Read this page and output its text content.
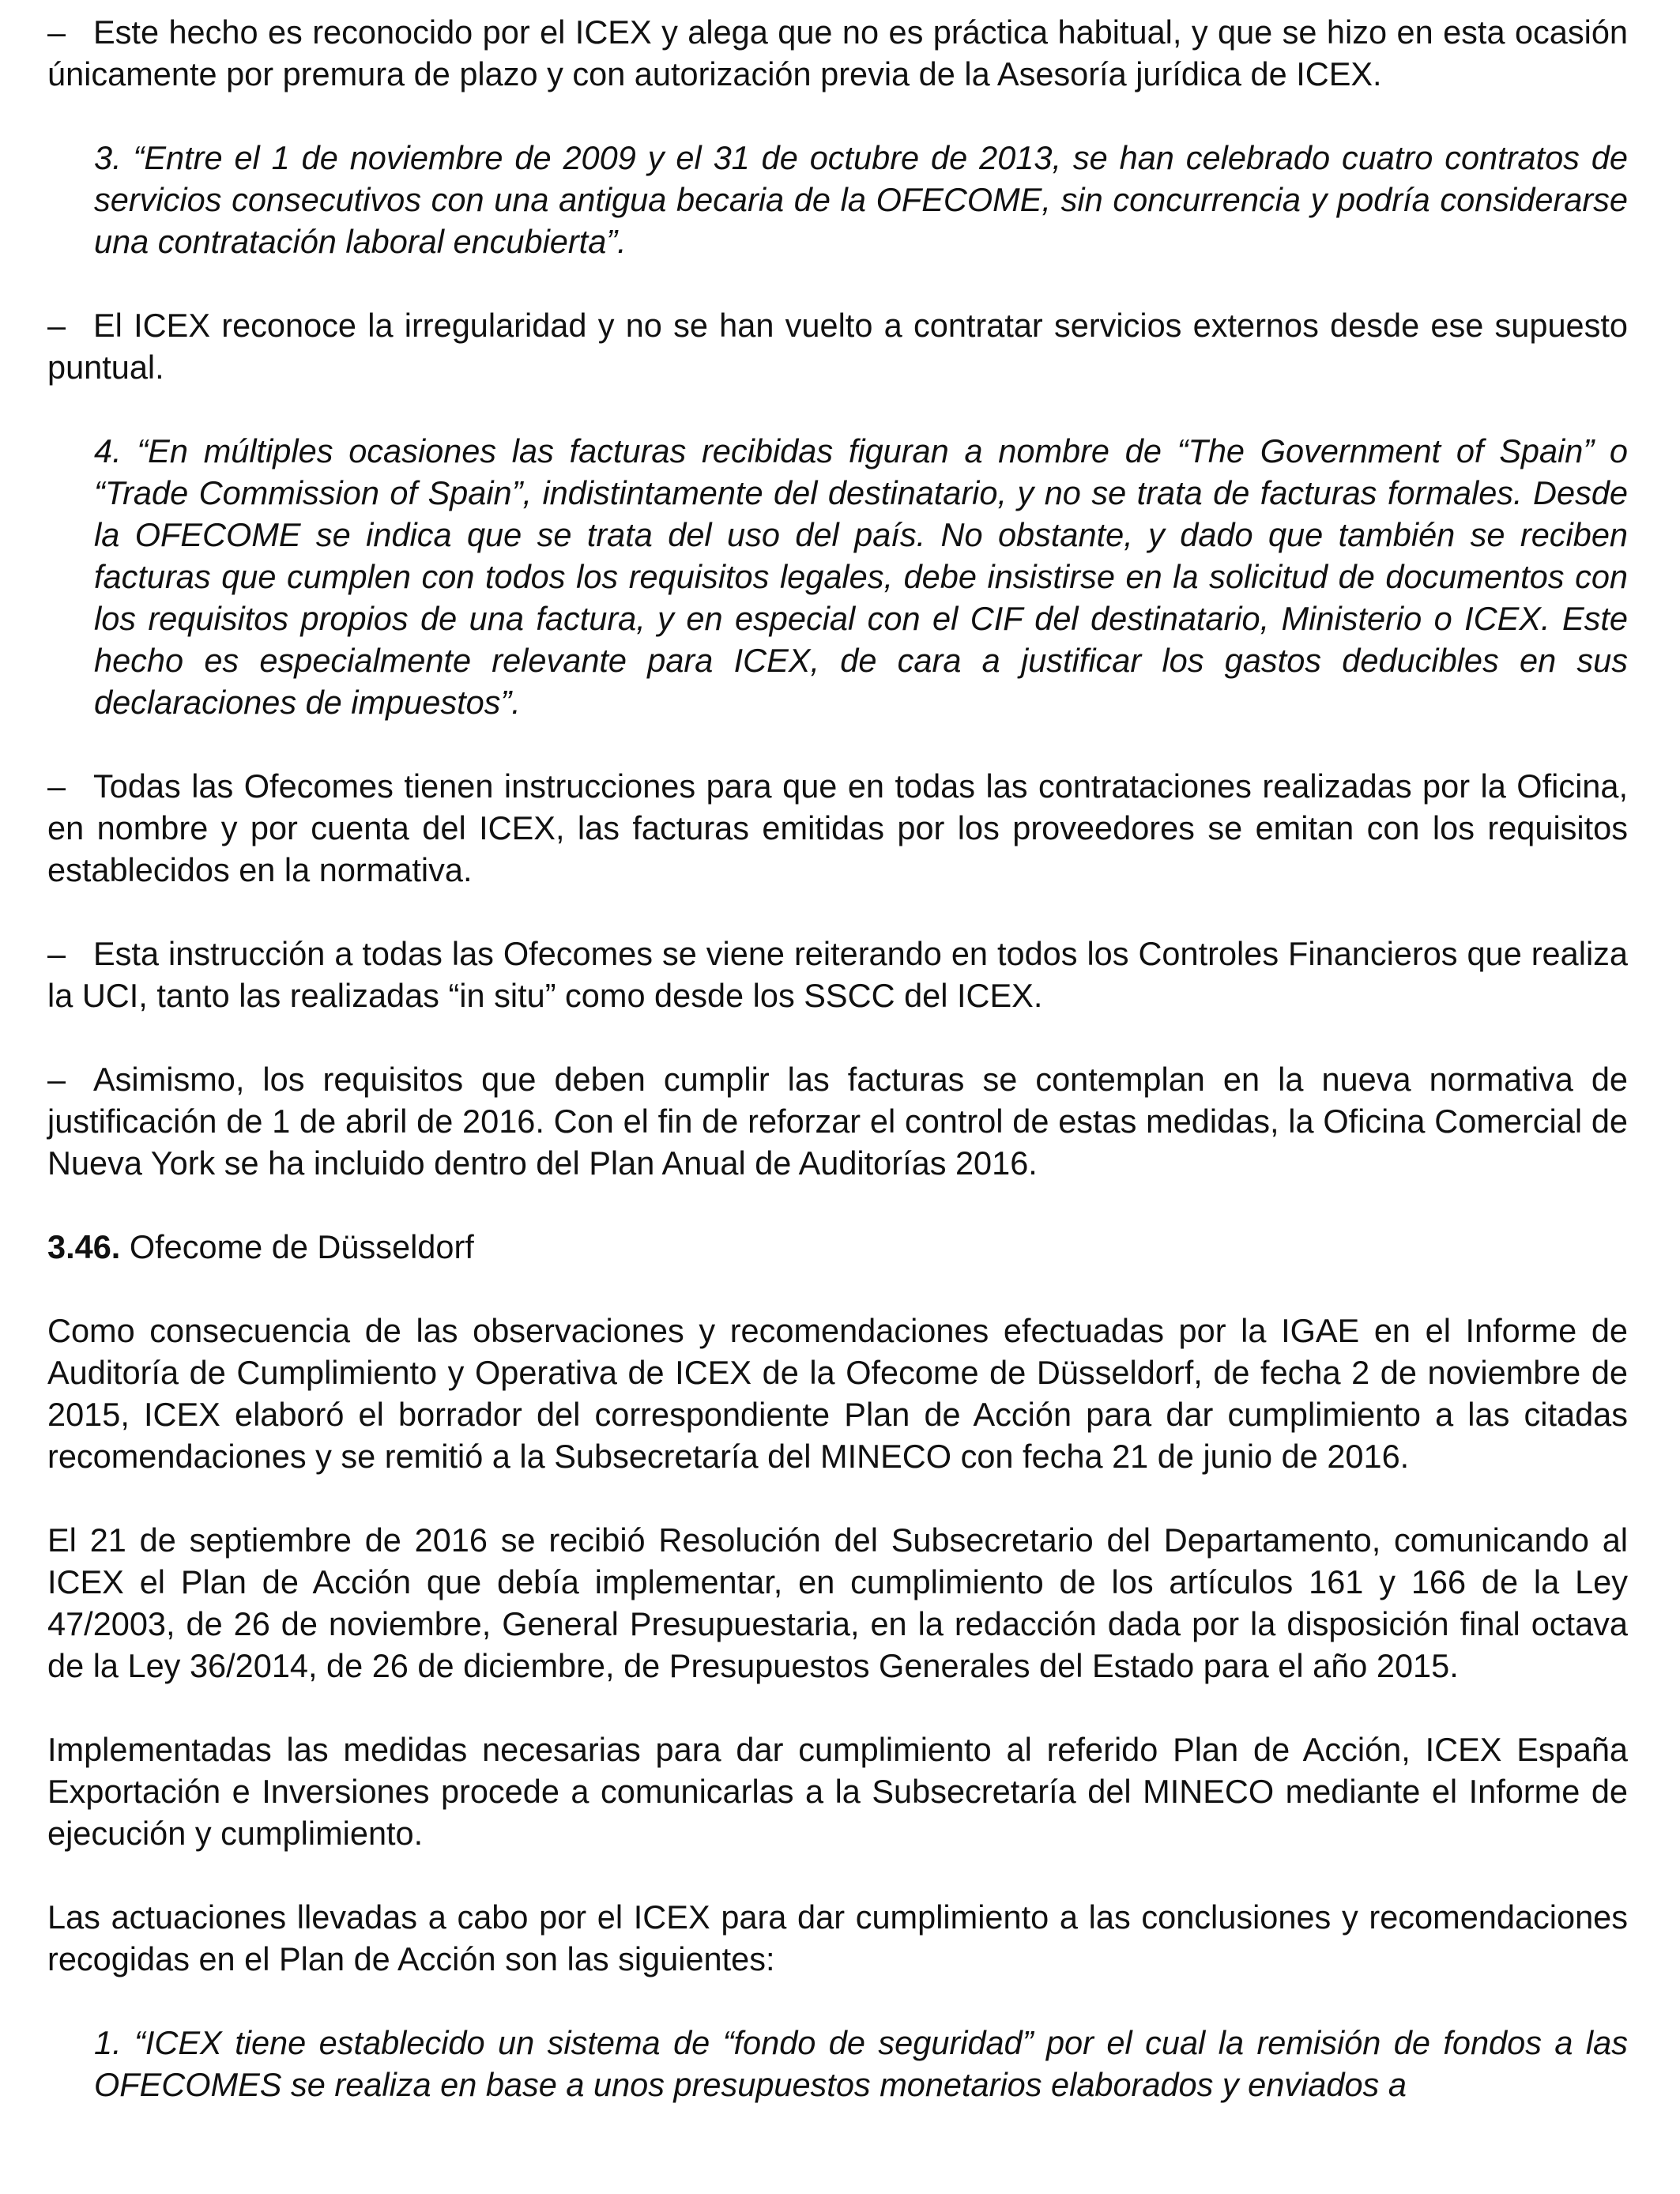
– Este hecho es reconocido por el ICEX y alega que no es práctica habitual, y que se hizo en esta ocasión únicamente por premura de plazo y con autorización previa de la Asesoría jurídica de ICEX.

3. “Entre el 1 de noviembre de 2009 y el 31 de octubre de 2013, se han celebrado cuatro contratos de servicios consecutivos con una antigua becaria de la OFECOME, sin concurrencia y podría considerarse una contratación laboral encubierta”.

– El ICEX reconoce la irregularidad y no se han vuelto a contratar servicios externos desde ese supuesto puntual.

4. “En múltiples ocasiones las facturas recibidas figuran a nombre de “The Government of Spain” o “Trade Commission of Spain”, indistintamente del destinatario, y no se trata de facturas formales. Desde la OFECOME se indica que se trata del uso del país. No obstante, y dado que también se reciben facturas que cumplen con todos los requisitos legales, debe insistirse en la solicitud de documentos con los requisitos propios de una factura, y en especial con el CIF del destinatario, Ministerio o ICEX. Este hecho es especialmente relevante para ICEX, de cara a justificar los gastos deducibles en sus declaraciones de impuestos”.

– Todas las Ofecomes tienen instrucciones para que en todas las contrataciones realizadas por la Oficina, en nombre y por cuenta del ICEX, las facturas emitidas por los proveedores se emitan con los requisitos establecidos en la normativa.

– Esta instrucción a todas las Ofecomes se viene reiterando en todos los Controles Financieros que realiza la UCI, tanto las realizadas “in situ” como desde los SSCC del ICEX.

– Asimismo, los requisitos que deben cumplir las facturas se contemplan en la nueva normativa de justificación de 1 de abril de 2016. Con el fin de reforzar el control de estas medidas, la Oficina Comercial de Nueva York se ha incluido dentro del Plan Anual de Auditorías 2016.

3.46. Ofecome de Düsseldorf

Como consecuencia de las observaciones y recomendaciones efectuadas por la IGAE en el Informe de Auditoría de Cumplimiento y Operativa de ICEX de la Ofecome de Düsseldorf, de fecha 2 de noviembre de 2015, ICEX elaboró el borrador del correspondiente Plan de Acción para dar cumplimiento a las citadas recomendaciones y se remitió a la Subsecretaría del MINECO con fecha 21 de junio de 2016.

El 21 de septiembre de 2016 se recibió Resolución del Subsecretario del Departamento, comunicando al ICEX el Plan de Acción que debía implementar, en cumplimiento de los artículos 161 y 166 de la Ley 47/2003, de 26 de noviembre, General Presupuestaria, en la redacción dada por la disposición final octava de la Ley 36/2014, de 26 de diciembre, de Presupuestos Generales del Estado para el año 2015.

Implementadas las medidas necesarias para dar cumplimiento al referido Plan de Acción, ICEX España Exportación e Inversiones procede a comunicarlas a la Subsecretaría del MINECO mediante el Informe de ejecución y cumplimiento.

Las actuaciones llevadas a cabo por el ICEX para dar cumplimiento a las conclusiones y recomendaciones recogidas en el Plan de Acción son las siguientes:

1. “ICEX tiene establecido un sistema de “fondo de seguridad” por el cual la remisión de fondos a las OFECOMES se realiza en base a unos presupuestos monetarios elaborados y enviados a
